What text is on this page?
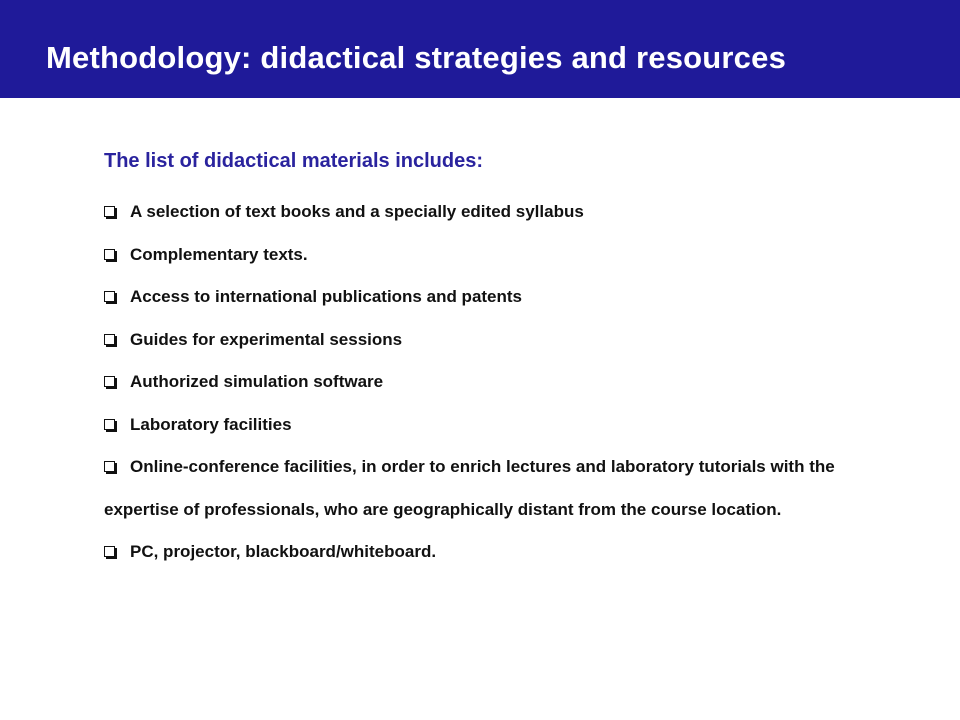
Methodology: didactical strategies and resources

The list of didactical materials includes:

A selection of text books and a specially edited syllabus
Complementary texts.
Access to international publications and patents
Guides for experimental sessions
Authorized simulation software
Laboratory facilities
Online-conference facilities, in order to enrich lectures and laboratory tutorials with the expertise of professionals, who are geographically distant from the course location.
PC, projector, blackboard/whiteboard.
